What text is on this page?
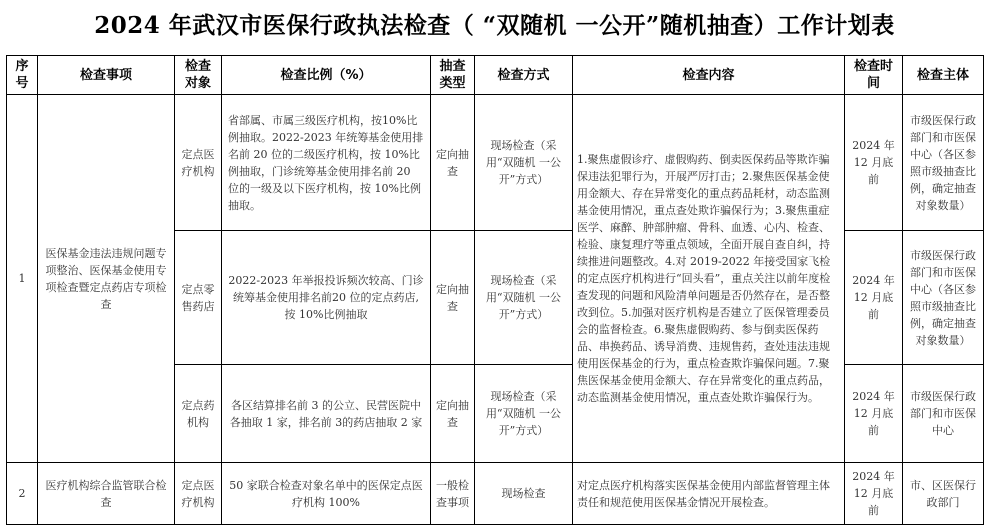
2024 年武汉市医保行政执法检查（ “双随机 一公开”随机抽查）工作计划表
序号	检查事项	检查对象	检查比例（%）	抽查类型	检查方式	检查内容	检查时间	检查主体
1	医保基金违法违规问题专项整治、医保基金使用专项检查暨定点药店专项检查	定点医疗机构	省部属、市属三级医疗机构，按10%比例抽取。2022-2023 年统筹基金使用排名前 20 位的二级医疗机构，按 10%比例抽取，门诊统筹基金使用排名前 20 位的一级及以下医疗机构，按 10%比例抽取。	定向抽查	现场检查（采用“双随机 一公开”方式）	1.聚焦虚假诊疗、虚假购药、倒卖医保药品等欺诈骗保违法犯罪行为，开展严厉打击；2.聚焦医保基金使用金额大、存在异常变化的重点药品耗材，动态监测基金使用情况，重点查处欺诈骗保行为；3.聚焦重症医学、麻醉、肿部肿瘤、骨科、血透、心内、检查、检验、康复理疗等重点领域，全面开展自查自纠，持续推进问题整改。4.对 2019-2022 年接受国家飞检的定点医疗机构进行“回头看”，重点关注以前年度检查发现的问题和风险清单问题是否仍然存在，是否整改到位。5.加强对医疗机构是否建立了医保管理委员会的监督检查。6.聚焦虚假购药、参与倒卖医保药品、串换药品、诱导消费、违规售药，查处违法违规使用医保基金的行为，重点检查欺诈骗保问题。7.聚焦医保基金使用金额大、存在异常变化的重点药品，动态监测基金使用情况，重点查处欺诈骗保行为。	2024 年12 月底前	市级医保行政部门和市医保中心（各区参照市级抽查比例，确定抽查对象数量）
		定点零售药店	2022-2023 年举报投诉频次较高、门诊统筹基金使用排名前20 位的定点药店,按 10%比例抽取	定向抽查	现场检查（采用“双随机 一公开”方式）		2024 年12 月底前	市级医保行政部门和市医保中心（各区参照市级抽查比例，确定抽查对象数量）
		定点药机构	各区结算排名前 3 的公立、民营医院中各抽取 1 家，排名前 3的药店抽取 2 家	定向抽查	现场检查（采用“双随机 一公开”方式）		2024 年12 月底前	市级医保行政部门和市医保中心
2	医疗机构综合监管联合检查	定点医疗机构	50 家联合检查对象名单中的医保定点医疗机构 100%	一般检查事项	现场检查	对定点医疗机构落实医保基金使用内部监督管理主体责任和规范使用医保基金情况开展检查。	2024 年12 月底前	市、区医保行政部门
